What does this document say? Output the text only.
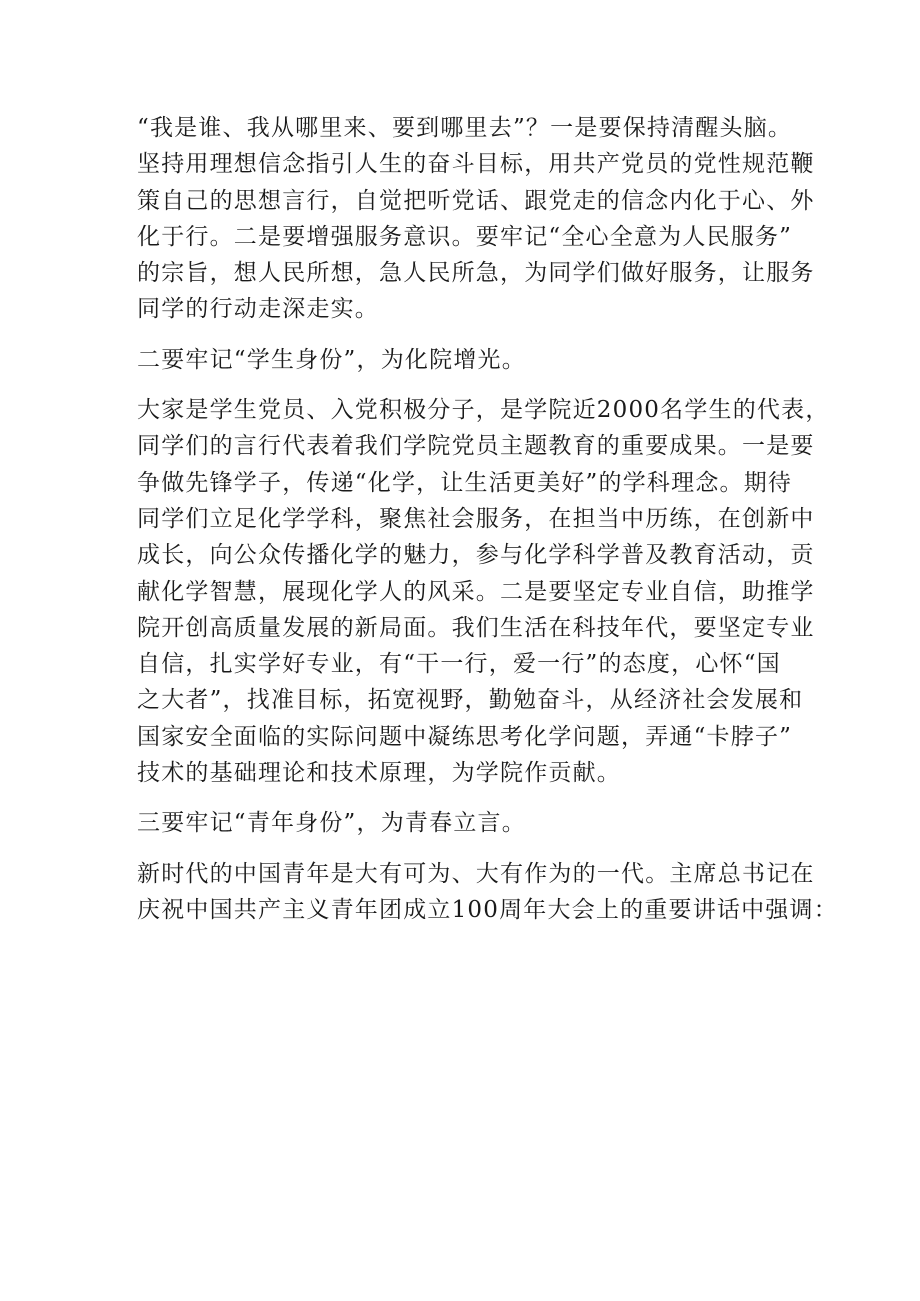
“我是谁、我从哪里来、要到哪里去”？一是要保持清醒头脑。
坚持用理想信念指引人生的奋斗目标，用共产党员的党性规范鞭
策自己的思想言行，自觉把听党话、跟党走的信念内化于心、外
化于行。二是要增强服务意识。要牢记“全心全意为人民服务”
的宗旨，想人民所想，急人民所急，为同学们做好服务，让服务
同学的行动走深走实。

二要牢记“学生身份”，为化院增光。

大家是学生党员、入党积极分子，是学院近2000名学生的代表，
同学们的言行代表着我们学院党员主题教育的重要成果。一是要
争做先锋学子，传递“化学，让生活更美好”的学科理念。期待
同学们立足化学学科，聚焦社会服务，在担当中历练，在创新中
成长，向公众传播化学的魅力，参与化学科学普及教育活动，贡
献化学智慧，展现化学人的风采。二是要坚定专业自信，助推学
院开创高质量发展的新局面。我们生活在科技年代，要坚定专业
自信，扎实学好专业，有“干一行，爱一行”的态度，心怀“国
之大者”，找准目标，拓宽视野，勤勉奋斗，从经济社会发展和
国家安全面临的实际问题中凝练思考化学问题，弄通“卡脖子”
技术的基础理论和技术原理，为学院作贡献。

三要牢记“青年身份”，为青春立言。

新时代的中国青年是大有可为、大有作为的一代。主席总书记在
庆祝中国共产主义青年团成立100周年大会上的重要讲话中强调：
